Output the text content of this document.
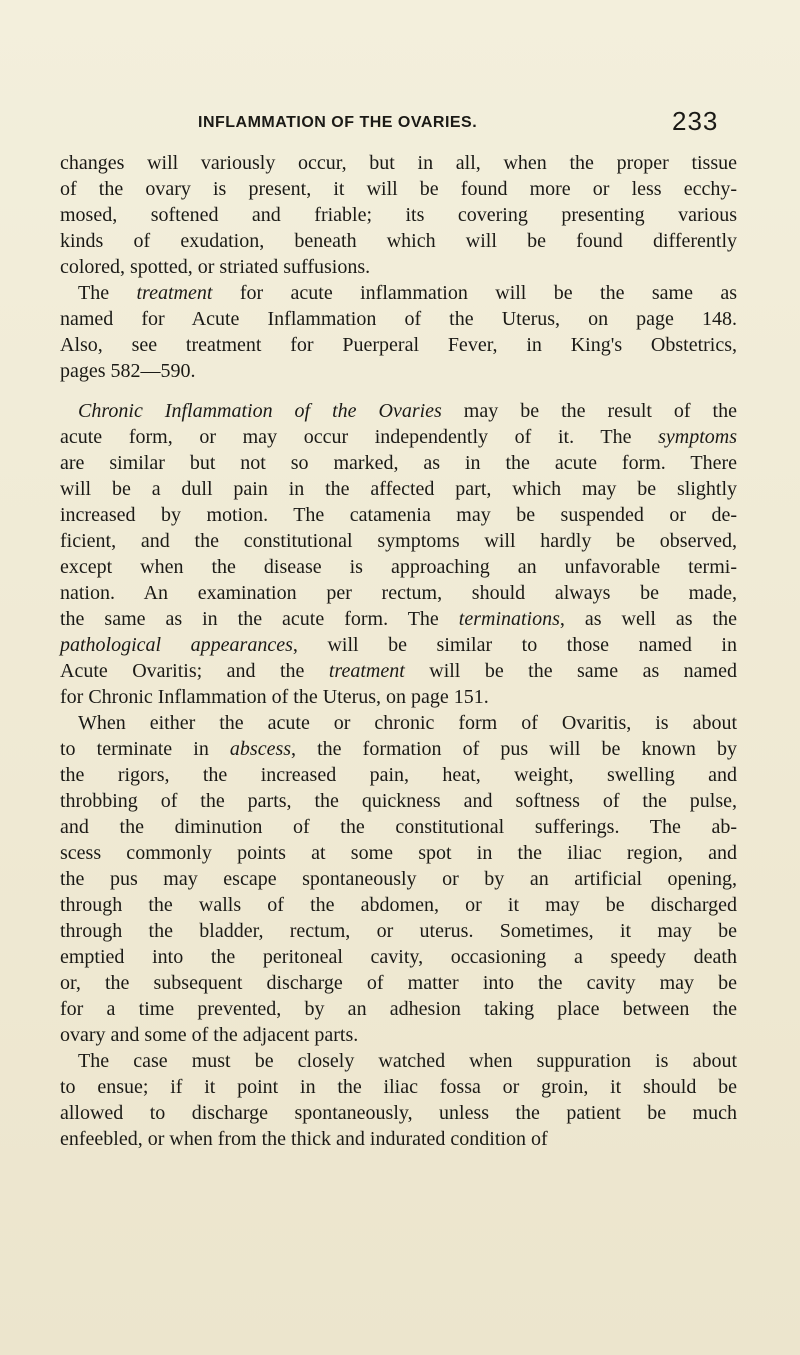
INFLAMMATION OF THE OVARIES.	233
changes will variously occur, but in all, when the proper tissue
of the ovary is present, it will be found more or less ecchy-
mosed, softened and friable; its covering presenting various
kinds of exudation, beneath which will be found differently
colored, spotted, or striated suffusions.
The treatment for acute inflammation will be the same as
named for Acute Inflammation of the Uterus, on page 148.
Also, see treatment for Puerperal Fever, in King's Obstetrics,
pages 582—590.
Chronic Inflammation of the Ovaries may be the result of the
acute form, or may occur independently of it. The symptoms
are similar but not so marked, as in the acute form. There
will be a dull pain in the affected part, which may be slightly
increased by motion. The catamenia may be suspended or de-
ficient, and the constitutional symptoms will hardly be observed,
except when the disease is approaching an unfavorable termi-
nation. An examination per rectum, should always be made,
the same as in the acute form. The terminations, as well as the
pathological appearances, will be similar to those named in
Acute Ovaritis; and the treatment will be the same as named
for Chronic Inflammation of the Uterus, on page 151.
When either the acute or chronic form of Ovaritis, is about
to terminate in abscess, the formation of pus will be known by
the rigors, the increased pain, heat, weight, swelling and
throbbing of the parts, the quickness and softness of the pulse,
and the diminution of the constitutional sufferings. The ab-
scess commonly points at some spot in the iliac region, and
the pus may escape spontaneously or by an artificial opening,
through the walls of the abdomen, or it may be discharged
through the bladder, rectum, or uterus. Sometimes, it may be
emptied into the peritoneal cavity, occasioning a speedy death
or, the subsequent discharge of matter into the cavity may be
for a time prevented, by an adhesion taking place between the
ovary and some of the adjacent parts.
The case must be closely watched when suppuration is about
to ensue; if it point in the iliac fossa or groin, it should be
allowed to discharge spontaneously, unless the patient be much
enfeebled, or when from the thick and indurated condition of
